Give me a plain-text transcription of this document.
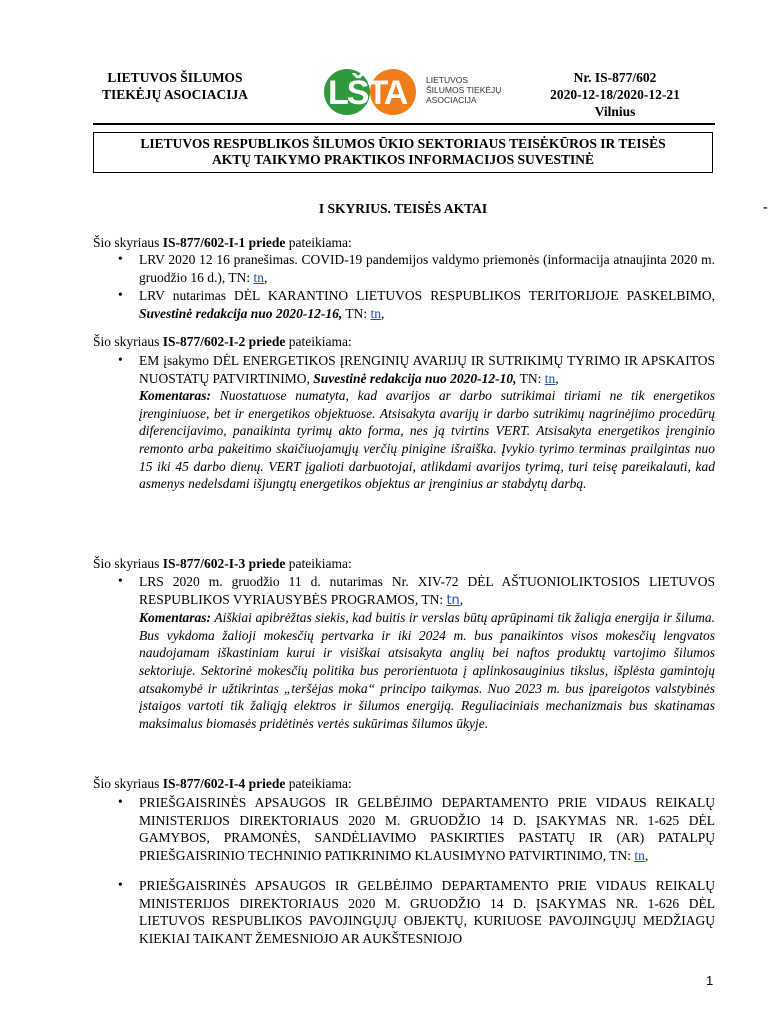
LIETUVOS ŠILUMOS
TIEKĖJŲ ASOCIACIJA LŠTA LIETUVOS
ŠILUMOS TIEKĖJŲ
ASOCIACIJA
Nr. IS-877/602
2020-12-18/2020-12-21
Vilnius
LIETUVOS RESPUBLIKOS ŠILUMOS ŪKIO SEKTORIAUS TEISĖKŪROS IR TEISĖS
AKTŲ TAIKYMO PRAKTIKOS INFORMACIJOS SUVESTINĖ
I SKYRIUS. TEISĖS AKTAI	-
Šio skyriaus IS-877/602-I-1 priede pateikiama:
• LRV 2020 12 16 pranešimas. COVID-19 pandemijos valdymo priemonės (informacija atnaujinta 2020 m. gruodžio 16 d.), TN: tn,
• LRV nutarimas DĖL KARANTINO LIETUVOS RESPUBLIKOS TERITORIJOJE PASKELBIMO, Suvestinė redakcija nuo 2020-12-16, TN: tn,
Šio skyriaus IS-877/602-I-2 priede pateikiama:
• EM įsakymo DĖL ENERGETIKOS ĮRENGINIŲ AVARIJŲ IR SUTRIKIMŲ TYRIMO IR APSKAITOS NUOSTATŲ PATVIRTINIMO, Suvestinė redakcija nuo 2020-12-10, TN: tn,
Komentaras: Nuostatuose numatyta, kad avarijos ar darbo sutrikimai tiriami ne tik energetikos įrenginiuose, bet ir energetikos objektuose. Atsisakyta avarijų ir darbo sutrikimų nagrinėjimo procedūrų diferencijavimo, panaikinta tyrimų akto forma, nes ją tvirtins VERT. Atsisakyta energetikos įrenginio remonto arba pakeitimo skaičiuojamųjų verčių pinigine išraiška. Įvykio tyrimo terminas prailgintas nuo 15 iki 45 darbo dienų. VERT įgalioti darbuotojai, atlikdami avarijos tyrimą, turi teisę pareikalauti, kad asmenys nedelsdami išjungtų energetikos objektus ar įrenginius ar stabdytų darbą.
Šio skyriaus IS-877/602-I-3 priede pateikiama:
• LRS 2020 m. gruodžio 11 d. nutarimas Nr. XIV-72 DĖL AŠTUONIOLIKTOSIOS LIETUVOS RESPUBLIKOS VYRIAUSYBĖS PROGRAMOS, TN: tn,
Komentaras: Aiškiai apibrėžtas siekis, kad buitis ir verslas būtų aprūpinami tik žaliąja energija ir šiluma. Bus vykdoma žalioji mokesčių pertvarka ir iki 2024 m. bus panaikintos visos mokesčių lengvatos naudojamam iškastiniam kurui ir visiškai atsisakyta anglių bei naftos produktų vartojimo šilumos sektoriuje. Sektorinė mokesčių politika bus perorientuota į aplinkosauginius tikslus, išplėsta gamintojų atsakomybė ir užtikrintas „teršėjas moka“ principo taikymas. Nuo 2023 m. bus įpareigotos valstybinės įstaigos vartoti tik žaliąją elektros ir šilumos energiją. Reguliaciniais mechanizmais bus skatinamas maksimalus biomasės pridėtinės vertės sukūrimas šilumos ūkyje.
Šio skyriaus IS-877/602-I-4 priede pateikiama:
• PRIEŠGAISRINĖS APSAUGOS IR GELBĖJIMO DEPARTAMENTO PRIE VIDAUS REIKALŲ MINISTERIJOS DIREKTORIAUS 2020 M. GRUODŽIO 14 D. ĮSAKYMAS NR. 1-625 DĖL GAMYBOS, PRAMONĖS, SANDĖLIAVIMO PASKIRTIES PASTATŲ IR (AR) PATALPŲ PRIEŠGAISRINIO TECHNINIO PATIKRINIMO KLAUSIMYNO PATVIRTINIMO, TN: tn,
• PRIEŠGAISRINĖS APSAUGOS IR GELBĖJIMO DEPARTAMENTO PRIE VIDAUS REIKALŲ MINISTERIJOS DIREKTORIAUS 2020 M. GRUODŽIO 14 D. ĮSAKYMAS NR. 1-626 DĖL LIETUVOS RESPUBLIKOS PAVOJINGŲJŲ OBJEKTŲ, KURIUOSE PAVOJINGŲJŲ MEDŽIAGŲ KIEKIAI TAIKANT ŽEMESNIOJO AR AUKŠTESNIOJO
1
